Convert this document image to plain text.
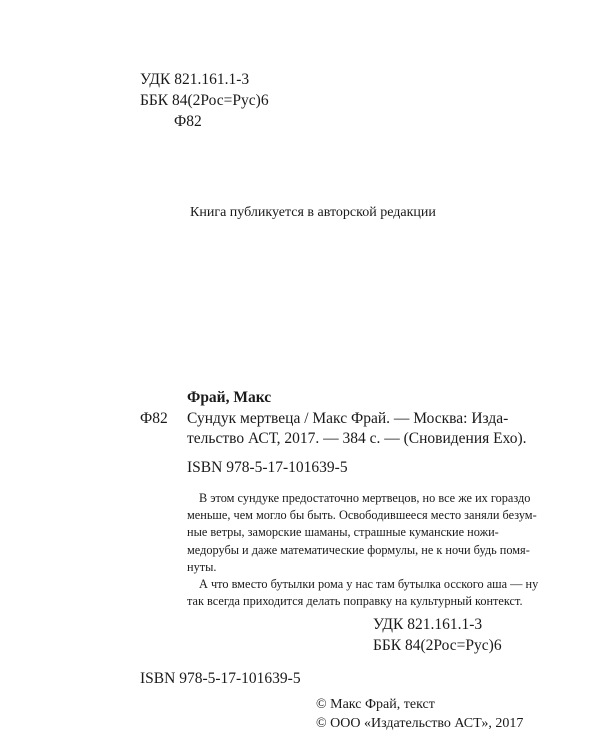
УДК 821.161.1-3
ББК 84(2Рос=Рус)6
Ф82
Книга публикуется в авторской редакции
Фрай, Макс
Ф82 Сундук мертвеца / Макс Фрай. — Москва: Изда-
тельство АСТ, 2017. — 384 с. — (Сновидения Ехо).
ISBN 978-5-17-101639-5
В этом сундуке предостаточно мертвецов, но все же их гораздо
меньше, чем могло бы быть. Освободившееся место заняли безум-
ные ветры, заморские шаманы, страшные куманские ножи-
медорубы и даже математические формулы, не к ночи будь помя-
нуты.
А что вместо бутылки рома у нас там бутылка осского аша — ну
так всегда приходится делать поправку на культурный контекст.
УДК 821.161.1-3
ББК 84(2Рос=Рус)6
ISBN 978-5-17-101639-5
© Макс Фрай, текст
© ООО «Издательство АСТ», 2017
